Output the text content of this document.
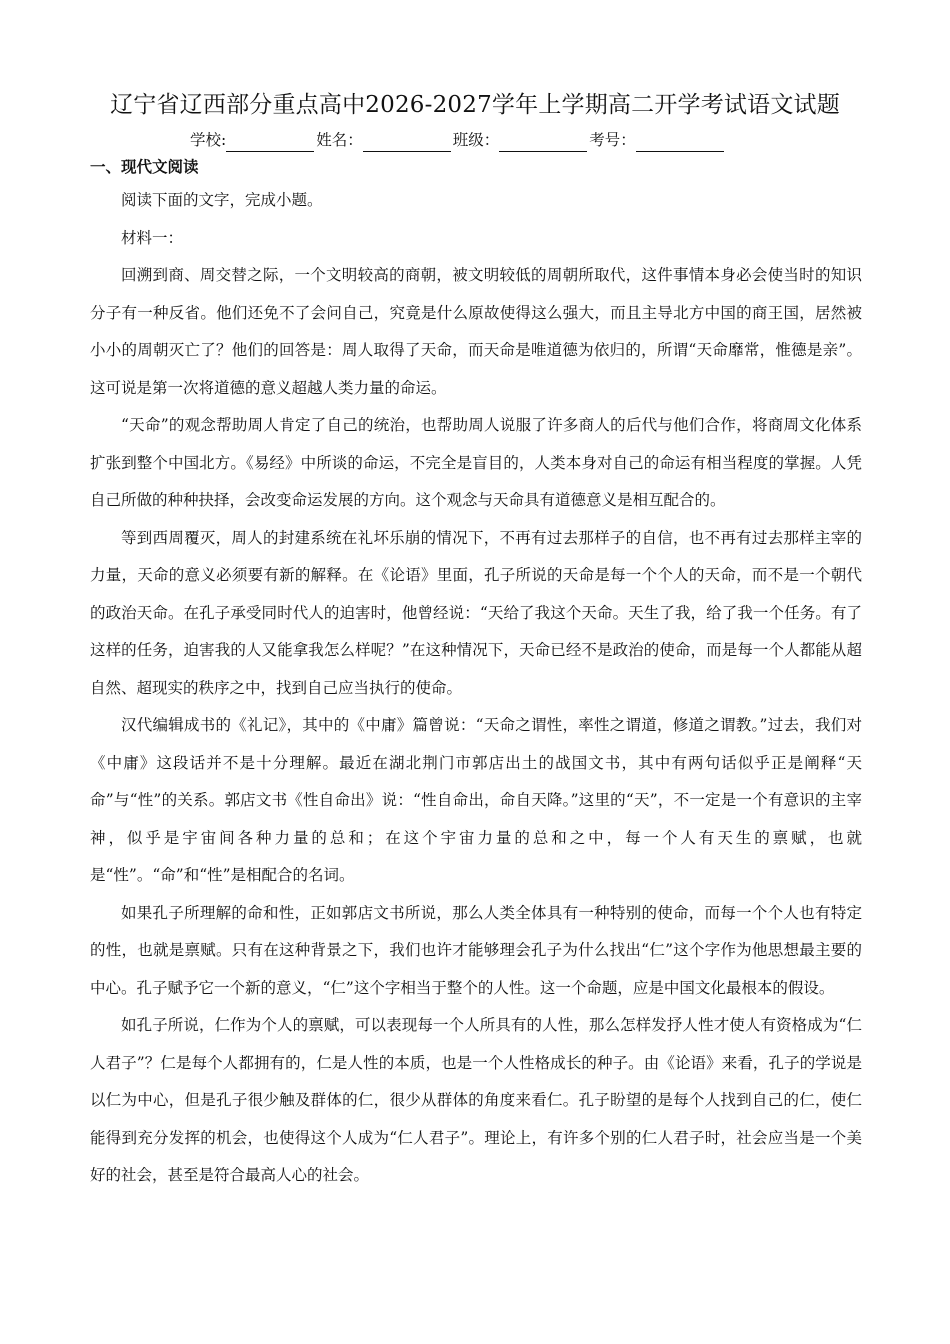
辽宁省辽西部分重点高中2026-2027学年上学期高二开学考试语文试题
学校:	姓名：	班级：	考号：
一、现代文阅读

阅读下面的文字，完成小题。

材料一：

回溯到商、周交替之际，一个文明较高的商朝，被文明较低的周朝所取代，这件事情本身必会使当时的知识分子有一种反省。他们还免不了会问自己，究竟是什么原故使得这么强大，而且主导北方中国的商王国，居然被小小的周朝灭亡了？他们的回答是：周人取得了天命，而天命是唯道德为依归的，所谓“天命靡常，惟德是亲”。这可说是第一次将道德的意义超越人类力量的命运。

“天命”的观念帮助周人肯定了自己的统治，也帮助周人说服了许多商人的后代与他们合作，将商周文化体系扩张到整个中国北方。《易经》中所谈的命运，不完全是盲目的，人类本身对自己的命运有相当程度的掌握。人凭自己所做的种种抉择，会改变命运发展的方向。这个观念与天命具有道德意义是相互配合的。

等到西周覆灭，周人的封建系统在礼坏乐崩的情况下，不再有过去那样子的自信，也不再有过去那样主宰的力量，天命的意义必须要有新的解释。在《论语》里面，孔子所说的天命是每一个个人的天命，而不是一个朝代的政治天命。在孔子承受同时代人的迫害时，他曾经说：“天给了我这个天命。天生了我，给了我一个任务。有了这样的任务，迫害我的人又能拿我怎么样呢？”在这种情况下，天命已经不是政治的使命，而是每一个人都能从超自然、超现实的秩序之中，找到自己应当执行的使命。

汉代编辑成书的《礼记》，其中的《中庸》篇曾说：“天命之谓性，率性之谓道，修道之谓教。”过去，我们对《中庸》这段话并不是十分理解。最近在湖北荆门市郭店出土的战国文书，其中有两句话似乎正是阐释“天命”与“性”的关系。郭店文书《性自命出》说：“性自命出，命自天降。”这里的“天”，不一定是一个有意识的主宰神，似乎是宇宙间各种力量的总和；在这个宇宙力量的总和之中，每一个人有天生的禀赋，也就是“性”。“命”和“性”是相配合的名词。

如果孔子所理解的命和性，正如郭店文书所说，那么人类全体具有一种特别的使命，而每一个个人也有特定的性，也就是禀赋。只有在这种背景之下，我们也许才能够理会孔子为什么找出“仁”这个字作为他思想最主要的中心。孔子赋予它一个新的意义，“仁”这个字相当于整个的人性。这一个命题，应是中国文化最根本的假设。

如孔子所说，仁作为个人的禀赋，可以表现每一个人所具有的人性，那么怎样发抒人性才使人有资格成为“仁人君子”？仁是每个人都拥有的，仁是人性的本质，也是一个人性格成长的种子。由《论语》来看，孔子的学说是以仁为中心，但是孔子很少触及群体的仁，很少从群体的角度来看仁。孔子盼望的是每个人找到自己的仁，使仁能得到充分发挥的机会，也使得这个人成为“仁人君子”。理论上，有许多个别的仁人君子时，社会应当是一个美好的社会，甚至是符合最高人心的社会。
